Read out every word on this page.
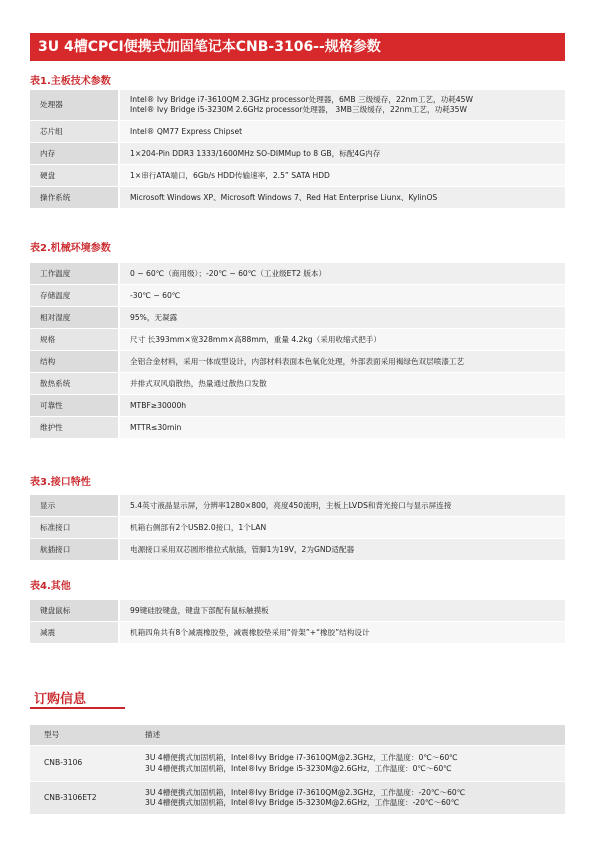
3U 4槽CPCI便携式加固笔记本CNB-3106--规格参数
表1.主板技术参数
处理器	Intel® Ivy Bridge i7-3610QM 2.3GHz processor处理器，6MB 三级缓存，22nm工艺，功耗45W
Intel® Ivy Bridge i5-3230M 2.6GHz processor处理器， 3MB三级缓存，22nm工艺，功耗35W

芯片组	Intel® QM77 Express Chipset
内存	1×204-Pin DDR3 1333/1600MHz SO-DIMMup to 8 GB，标配4G内存
硬盘	1×串行ATA端口，6Gb/s HDD传输速率，2.5” SATA HDD
操作系统	Microsoft Windows XP、Microsoft Windows 7、Red Hat Enterprise Liunx、KylinOS
表2.机械环境参数
工作温度	0 ~ 60℃（商用级）；-20℃ ~ 60℃（工业级ET2 版本）
存储温度	-30℃ ~ 60℃
相对湿度	95%，无凝露
规格	尺寸 长393mm×宽328mm×高88mm，重量 4.2kg（采用收缩式把手）
结构	全铝合金材料，采用一体成型设计，内部材料表面本色氧化处理，外部表面采用褐绿色双层喷漆工艺
散热系统	并排式双风扇散热，热量通过散热口发散
可靠性	MTBF≥30000h
维护性	MTTR≤30min
表3.接口特性
显示	5.4英寸液晶显示屏，分辨率1280×800，亮度450流明，主板上LVDS和背光接口与显示屏连接
标准接口	机箱右侧部有2个USB2.0接口，1个LAN
航插接口	电源接口采用双芯圆形推拉式航插，管脚1为19V，2为GND适配器
表4.其他
键盘鼠标	99键硅胶键盘，键盘下部配有鼠标触摸板
减震	机箱四角共有8个减震橡胶垫，减震橡胶垫采用“骨架”+“橡胶”结构设计
订购信息
型号	描述
CNB-3106	3U 4槽便携式加固机箱，Intel®Ivy Bridge i7-3610QM@2.3GHz，工作温度：0℃～60℃
3U 4槽便携式加固机箱，Intel®Ivy Bridge i5-3230M@2.6GHz，工作温度：0℃～60℃

CNB-3106ET2	3U 4槽便携式加固机箱，Intel®Ivy Bridge i7-3610QM@2.3GHz，工作温度：-20℃～60℃
3U 4槽便携式加固机箱，Intel®Ivy Bridge i5-3230M@2.6GHz，工作温度：-20℃～60℃
